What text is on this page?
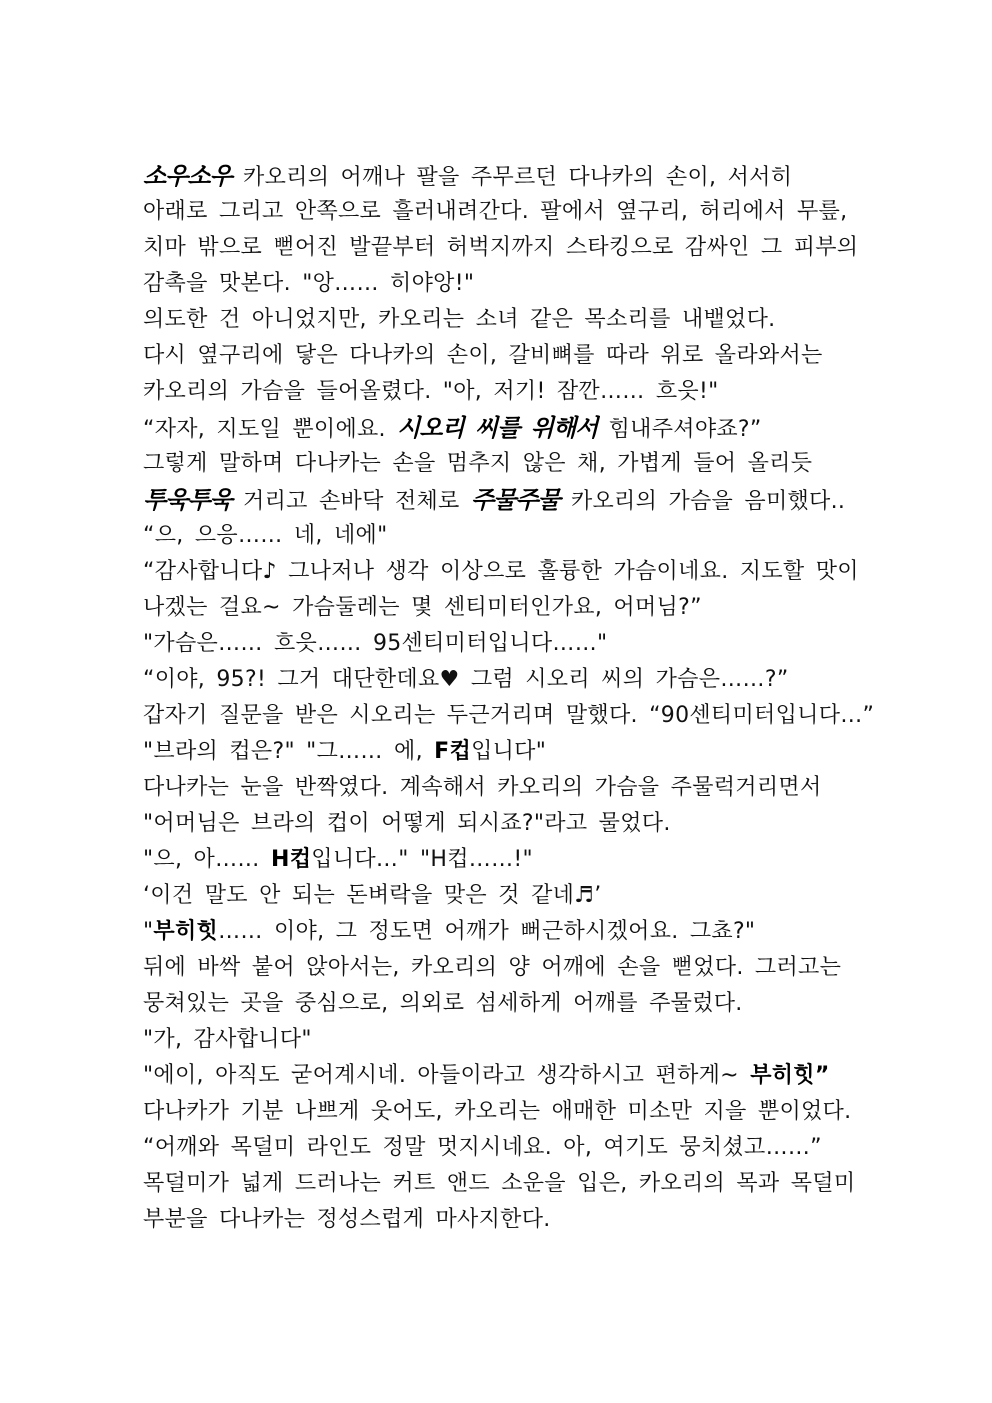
소우소우 카오리의 어깨나 팔을 주무르던 다나카의 손이, 서서히
아래로 그리고 안쪽으로 흘러내려간다. 팔에서 옆구리, 허리에서 무릎,
치마 밖으로 뻗어진 발끝부터 허벅지까지 스타킹으로 감싸인 그 피부의
감촉을 맛본다. "앙…… 히야앙!"
의도한 건 아니었지만, 카오리는 소녀 같은 목소리를 내뱉었다.
다시 옆구리에 닿은 다나카의 손이, 갈비뼈를 따라 위로 올라와서는
카오리의 가슴을 들어올렸다. "아, 저기! 잠깐…… 흐읏!"
“자자, 지도일 뿐이에요. 시오리 씨를 위해서 힘내주셔야죠?”
그렇게 말하며 다나카는 손을 멈추지 않은 채, 가볍게 들어 올리듯
투욱투욱 거리고 손바닥 전체로 주물주물 카오리의 가슴을 음미했다..
“으, 으응…… 네, 네에"
“감사합니다♪ 그나저나 생각 이상으로 훌륭한 가슴이네요. 지도할 맛이
나겠는 걸요~ 가슴둘레는 몇 센티미터인가요, 어머님?”
"가슴은…… 흐읏…… 95센티미터입니다……"
“이야, 95?! 그거 대단한데요♥ 그럼 시오리 씨의 가슴은……?”
갑자기 질문을 받은 시오리는 두근거리며 말했다. “90센티미터입니다…”
"브라의 컵은?" "그…… 에, F컵입니다"
다나카는 눈을 반짝였다. 계속해서 카오리의 가슴을 주물럭거리면서
"어머님은 브라의 컵이 어떻게 되시죠?"라고 물었다.
"으, 아…… H컵입니다…" "H컵……!"
‘이건 말도 안 되는 돈벼락을 맞은 것 같네♬’
"부히힛…… 이야, 그 정도면 어깨가 뻐근하시겠어요. 그쵸?"
뒤에 바싹 붙어 앉아서는, 카오리의 양 어깨에 손을 뻗었다. 그러고는
뭉쳐있는 곳을 중심으로, 의외로 섬세하게 어깨를 주물렀다.
"가, 감사합니다"
"에이, 아직도 굳어계시네. 아들이라고 생각하시고 편하게~ 부히힛”
다나카가 기분 나쁘게 웃어도, 카오리는 애매한 미소만 지을 뿐이었다.
“어깨와 목덜미 라인도 정말 멋지시네요. 아, 여기도 뭉치셨고……”
목덜미가 넓게 드러나는 커트 앤드 소운을 입은, 카오리의 목과 목덜미
부분을 다나카는 정성스럽게 마사지한다.
